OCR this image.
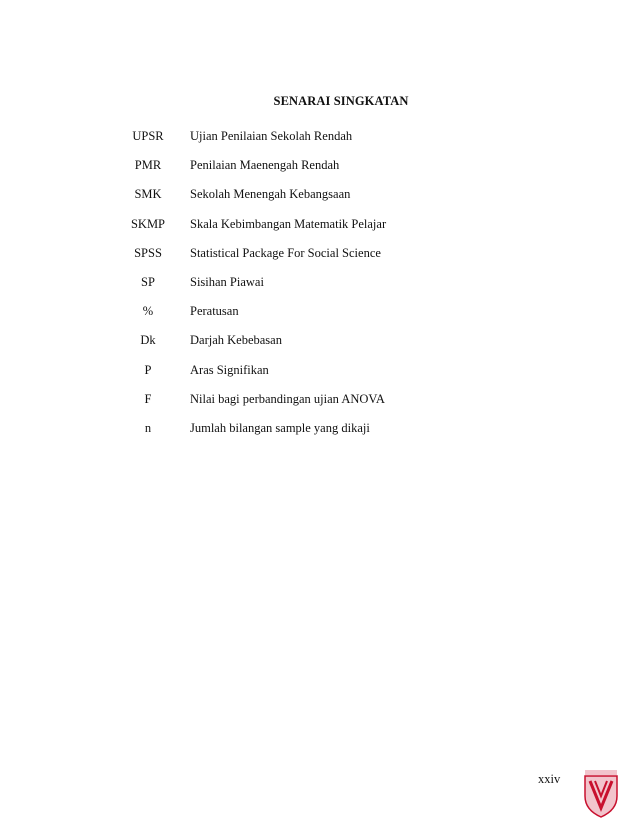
SENARAI SINGKATAN
UPSR	Ujian Penilaian Sekolah Rendah
PMR	Penilaian Maenengah Rendah
SMK	Sekolah Menengah Kebangsaan
SKMP	Skala Kebimbangan Matematik Pelajar
SPSS	Statistical Package For Social Science
SP	Sisihan Piawai
%	Peratusan
Dk	Darjah Kebebasan
P	Aras Signifikan
F	Nilai bagi perbandingan ujian ANOVA
n	Jumlah bilangan sample yang dikaji
xxiv
